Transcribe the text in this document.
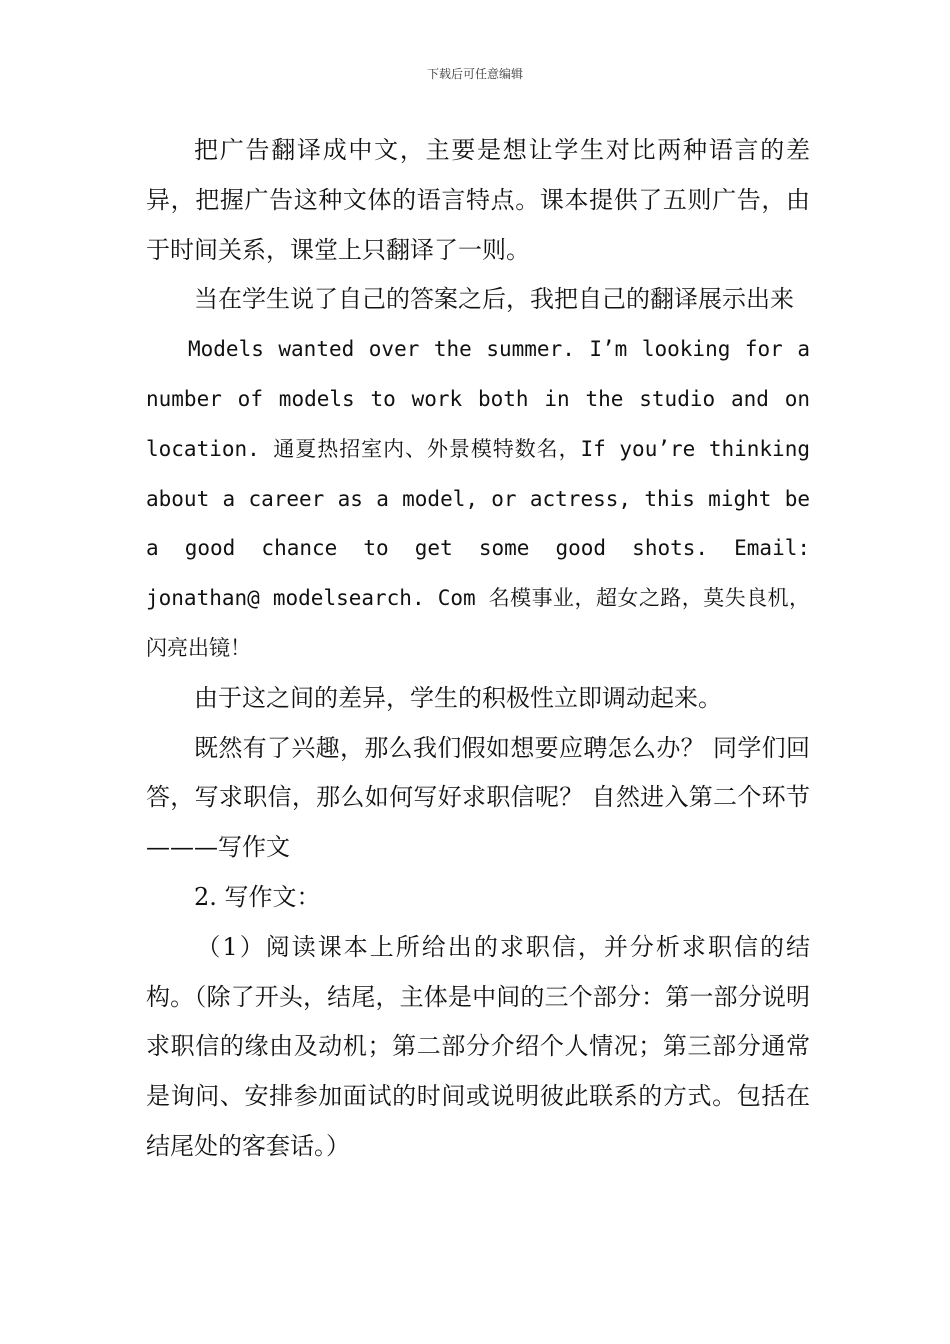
下载后可任意编辑

把广告翻译成中文，主要是想让学生对比两种语言的差异，把握广告这种文体的语言特点。课本提供了五则广告，由于时间关系，课堂上只翻译了一则。

当在学生说了自己的答案之后，我把自己的翻译展示出来

Models wanted over the summer. I’m looking for a number of models to work both in the studio and on location. 通夏热招室内、外景模特数名，If you’re thinking about a career as a model, or actress, this might be a good chance to get some good shots. Email: jonathan@ modelsearch. Com 名模事业，超女之路，莫失良机，闪亮出镜！

由于这之间的差异，学生的积极性立即调动起来。

既然有了兴趣，那么我们假如想要应聘怎么办？ 同学们回答，写求职信，那么如何写好求职信呢？ 自然进入第二个环节———写作文

2. 写作文：

（1）阅读课本上所给出的求职信，并分析求职信的结构。（除了开头，结尾，主体是中间的三个部分：第一部分说明求职信的缘由及动机；第二部分介绍个人情况；第三部分通常是询问、安排参加面试的时间或说明彼此联系的方式。包括在结尾处的客套话。）
